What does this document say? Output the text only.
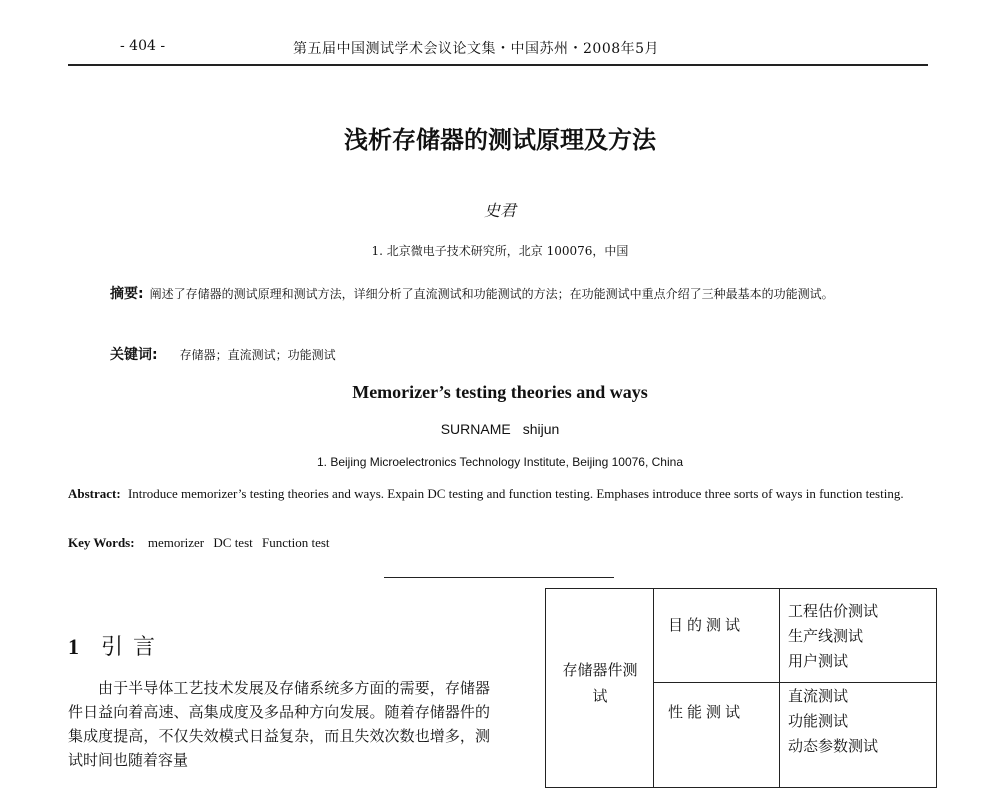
- 404 -	第五届中国测试学术会议论文集・中国苏州・2008年5月
浅析存储器的测试原理及方法
史君
1. 北京微电子技术研究所，北京 100076，中国
摘要: 阐述了存储器的测试原理和测试方法，详细分析了直流测试和功能测试的方法；在功能测试中重点介绍了三种最基本的功能测试。
关键词: 存储器；直流测试；功能测试
Memorizer’s testing theories and ways
SURNAME shijun
1. Beijing Microelectronics Technology Institute, Beijing 10076, China
Abstract: Introduce memorizer’s testing theories and ways. Expain DC testing and function testing. Emphases introduce three sorts of ways in function testing.
Key Words: memorizer DC test Function test
1 引言
由于半导体工艺技术发展及存储系统多方面的需要，存储器件日益向着高速、高集成度及多品种方向发展。随着存储器件的集成度提高，不仅失效模式日益复杂，而且失效次数也增多，测试时间也随着容量
存储器件测试
目的测试
工程估价测试
生产线测试
用户测试
性能测试
直流测试
功能测试
动态参数测试
